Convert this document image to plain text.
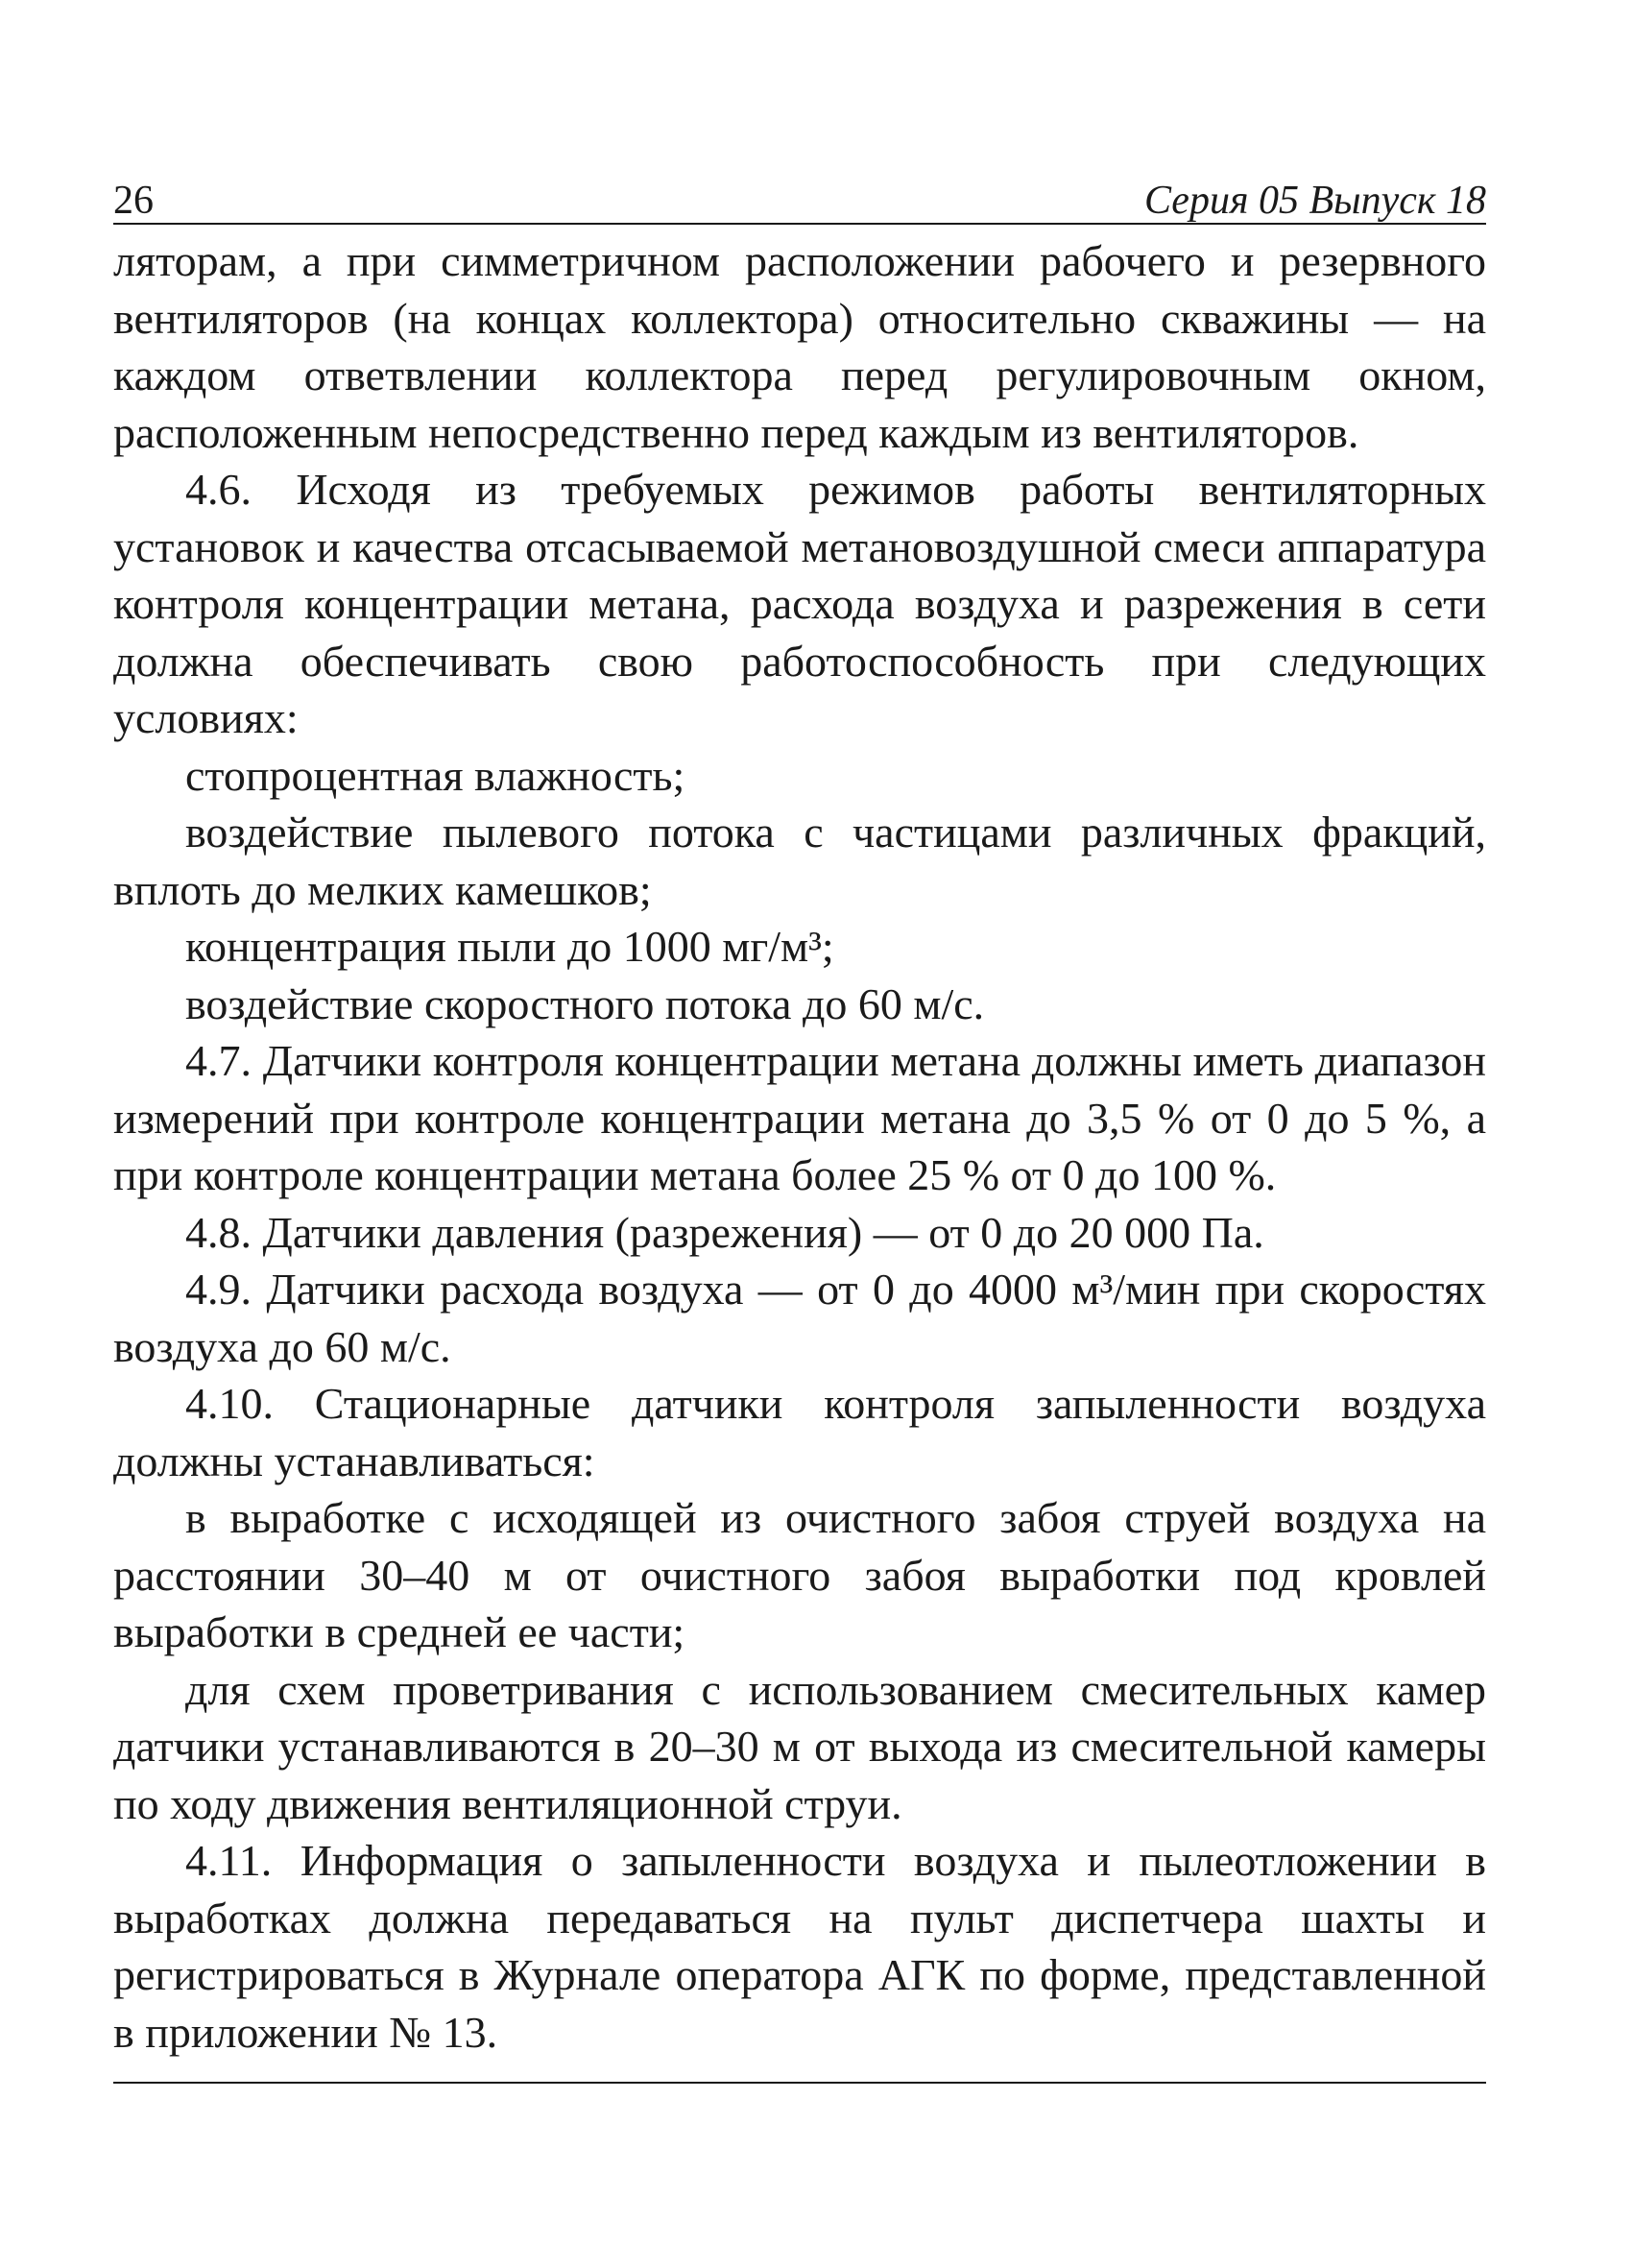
26	Серия 05 Выпуск 18

ляторам, а при симметричном расположении рабочего и резервного вентиляторов (на концах коллектора) относительно скважины — на каждом ответвлении коллектора перед регулировочным окном, расположенным непосредственно перед каждым из вентиляторов.

4.6. Исходя из требуемых режимов работы вентиляторных установок и качества отсасываемой метановоздушной смеси аппаратура контроля концентрации метана, расхода воздуха и разрежения в сети должна обеспечивать свою работоспособность при следующих условиях:

стопроцентная влажность;

воздействие пылевого потока с частицами различных фракций, вплоть до мелких камешков;

концентрация пыли до 1000 мг/м³;

воздействие скоростного потока до 60 м/с.

4.7. Датчики контроля концентрации метана должны иметь диапазон измерений при контроле концентрации метана до 3,5 % от 0 до 5 %, а при контроле концентрации метана более 25 % от 0 до 100 %.

4.8. Датчики давления (разрежения) — от 0 до 20 000 Па.

4.9. Датчики расхода воздуха — от 0 до 4000 м³/мин при скоростях воздуха до 60 м/с.

4.10. Стационарные датчики контроля запыленности воздуха должны устанавливаться:

в выработке с исходящей из очистного забоя струей воздуха на расстоянии 30–40 м от очистного забоя выработки под кровлей выработки в средней ее части;

для схем проветривания с использованием смесительных камер датчики устанавливаются в 20–30 м от выхода из смесительной камеры по ходу движения вентиляционной струи.

4.11. Информация о запыленности воздуха и пылеотложении в выработках должна передаваться на пульт диспетчера шахты и регистрироваться в Журнале оператора АГК по форме, представленной в приложении № 13.
